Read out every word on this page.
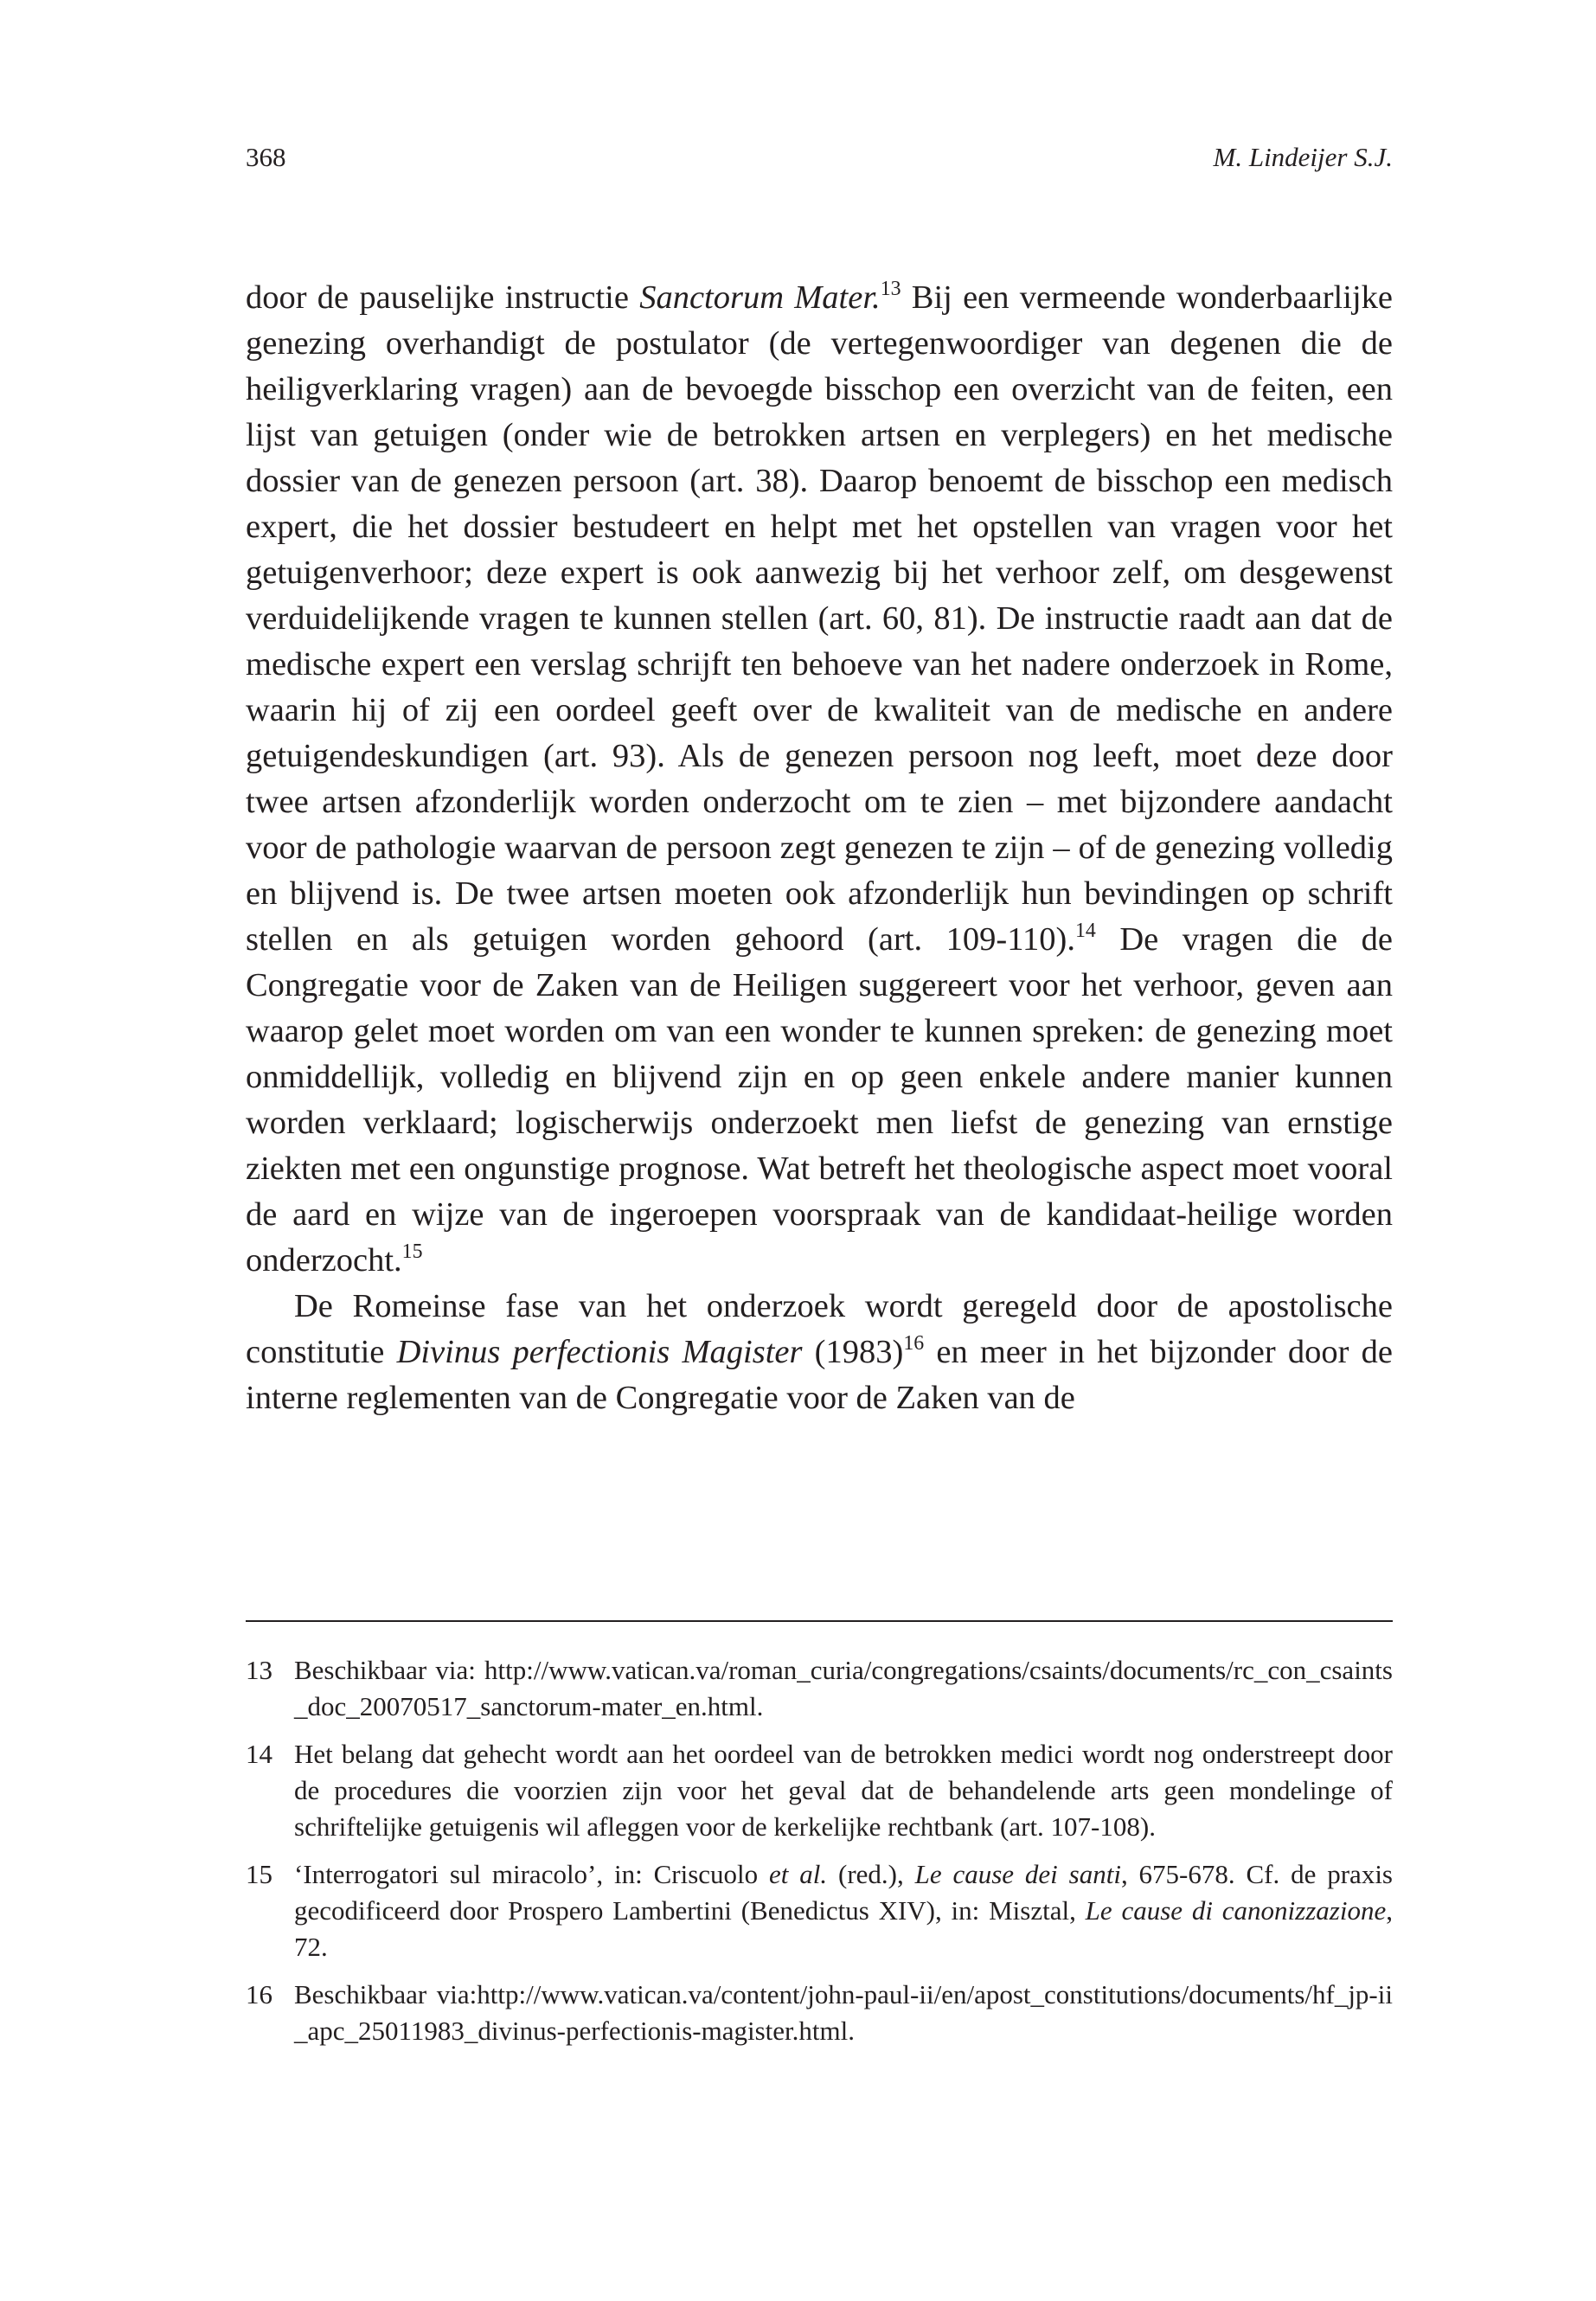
368	M. Lindeijer S.J.

door de pauselijke instructie Sanctorum Mater.$^{13}$ Bij een vermeende wonderbaarlijke genezing overhandigt de postulator (de vertegenwoordiger van degenen die de heiligverklaring vragen) aan de bevoegde bisschop een overzicht van de feiten, een lijst van getuigen (onder wie de betrokken artsen en verplegers) en het medische dossier van de genezen persoon (art. 38). Daarop benoemt de bisschop een medisch expert, die het dossier bestudeert en helpt met het opstellen van vragen voor het getuigenverhoor; deze expert is ook aanwezig bij het verhoor zelf, om desgewenst verduidelijkende vragen te kunnen stellen (art. 60, 81). De instructie raadt aan dat de medische expert een verslag schrijft ten behoeve van het nadere onderzoek in Rome, waarin hij of zij een oordeel geeft over de kwaliteit van de medische en andere getuigendeskundigen (art. 93). Als de genezen persoon nog leeft, moet deze door twee artsen afzonderlijk worden onderzocht om te zien – met bijzondere aandacht voor de pathologie waarvan de persoon zegt genezen te zijn – of de genezing volledig en blijvend is. De twee artsen moeten ook afzonderlijk hun bevindingen op schrift stellen en als getuigen worden gehoord (art. 109-110).$^{14}$ De vragen die de Congregatie voor de Zaken van de Heiligen suggereert voor het verhoor, geven aan waarop gelet moet worden om van een wonder te kunnen spreken: de genezing moet onmiddellijk, volledig en blijvend zijn en op geen enkele andere manier kunnen worden verklaard; logischerwijs onderzoekt men liefst de genezing van ernstige ziekten met een ongunstige prognose. Wat betreft het theologische aspect moet vooral de aard en wijze van de ingeroepen voorspraak van de kandidaat-heilige worden onderzocht.$^{15}$

De Romeinse fase van het onderzoek wordt geregeld door de apostolische constitutie Divinus perfectionis Magister $(1983)^{16}$ en meer in het bijzonder door de interne reglementen van de Congregatie voor de Zaken van de

13 Beschikbaar via: http://www.vatican.va/roman_curia/congregations/csaints/documents/rc_con_csaints_doc_20070517_sanctorum-mater_en.html.
14 Het belang dat gehecht wordt aan het oordeel van de betrokken medici wordt nog onderstreept door de procedures die voorzien zijn voor het geval dat de behandelende arts geen mondelinge of schriftelijke getuigenis wil afleggen voor de kerkelijke rechtbank (art. 107-108).
15 ‘Interrogatori sul miracolo’, in: Criscuolo et al. (red.), Le cause dei santi, 675-678. Cf. de praxis gecodificeerd door Prospero Lambertini (Benedictus XIV), in: Misztal, Le cause di canonizzazione, 72.
16 Beschikbaar via:http://www.vatican.va/content/john-paul-ii/en/apost_constitutions/documents/hf_jp-ii_apc_25011983_divinus-perfectionis-magister.html.
